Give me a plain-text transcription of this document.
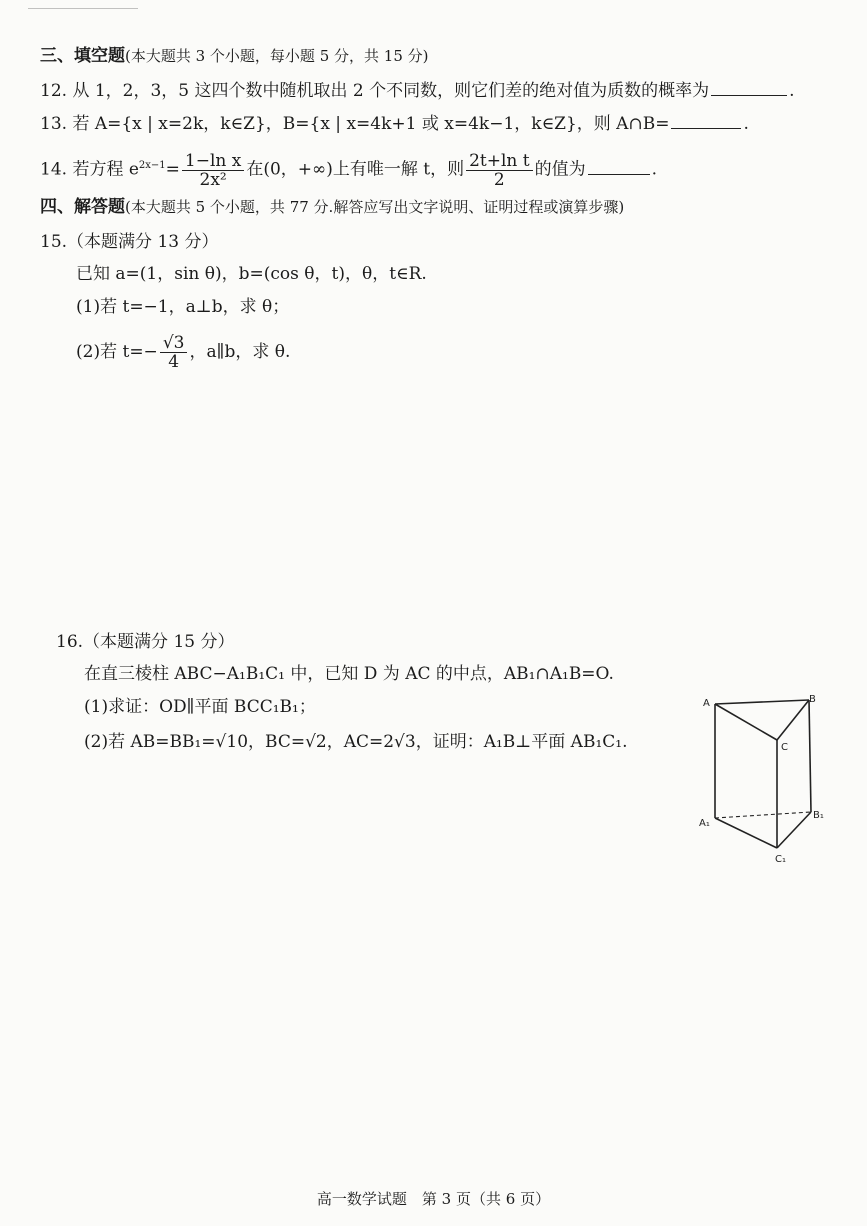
三、填空题(本大题共 3 个小题，每小题 5 分，共 15 分)
12. 从 1，2，3，5 这四个数中随机取出 2 个不同数，则它们差的绝对值为质数的概率为	.
13. 若 A={x | x=2k，k∈Z}，B={x | x=4k+1 或 x=4k−1，k∈Z}，则 A∩B=	.
14. 若方程 $e^{2x-1}= \frac{\text{1−ln x}}{\text{2x²}}$ 在(0，+∞)上有唯一解 t，则 $\frac{\text{2t+ln t}}{2}$ 的值为	.
四、解答题(本大题共 5 个小题，共 77 分.解答应写出文字说明、证明过程或演算步骤)
15.（本题满分 13 分）
已知 a=(1，sin θ)，b=(cos θ，t)，θ，t∈R.
(1)若 t=−1，a⊥b，求 θ；
(2)若 $t=- \frac{√3}{4}$ ，a∥b，求 θ.
16.（本题满分 15 分）
在直三棱柱 ABC−A₁B₁C₁ 中，已知 D 为 AC 的中点，AB₁∩A₁B=O.
(1)求证：OD∥平面 BCC₁B₁；
(2)若 AB=BB₁=√10，BC=√2，AC=2√3，证明：A₁B⊥平面 AB₁C₁.
A	B
C
A₁
B₁
C₁
高一数学试题　第 3 页（共 6 页）
